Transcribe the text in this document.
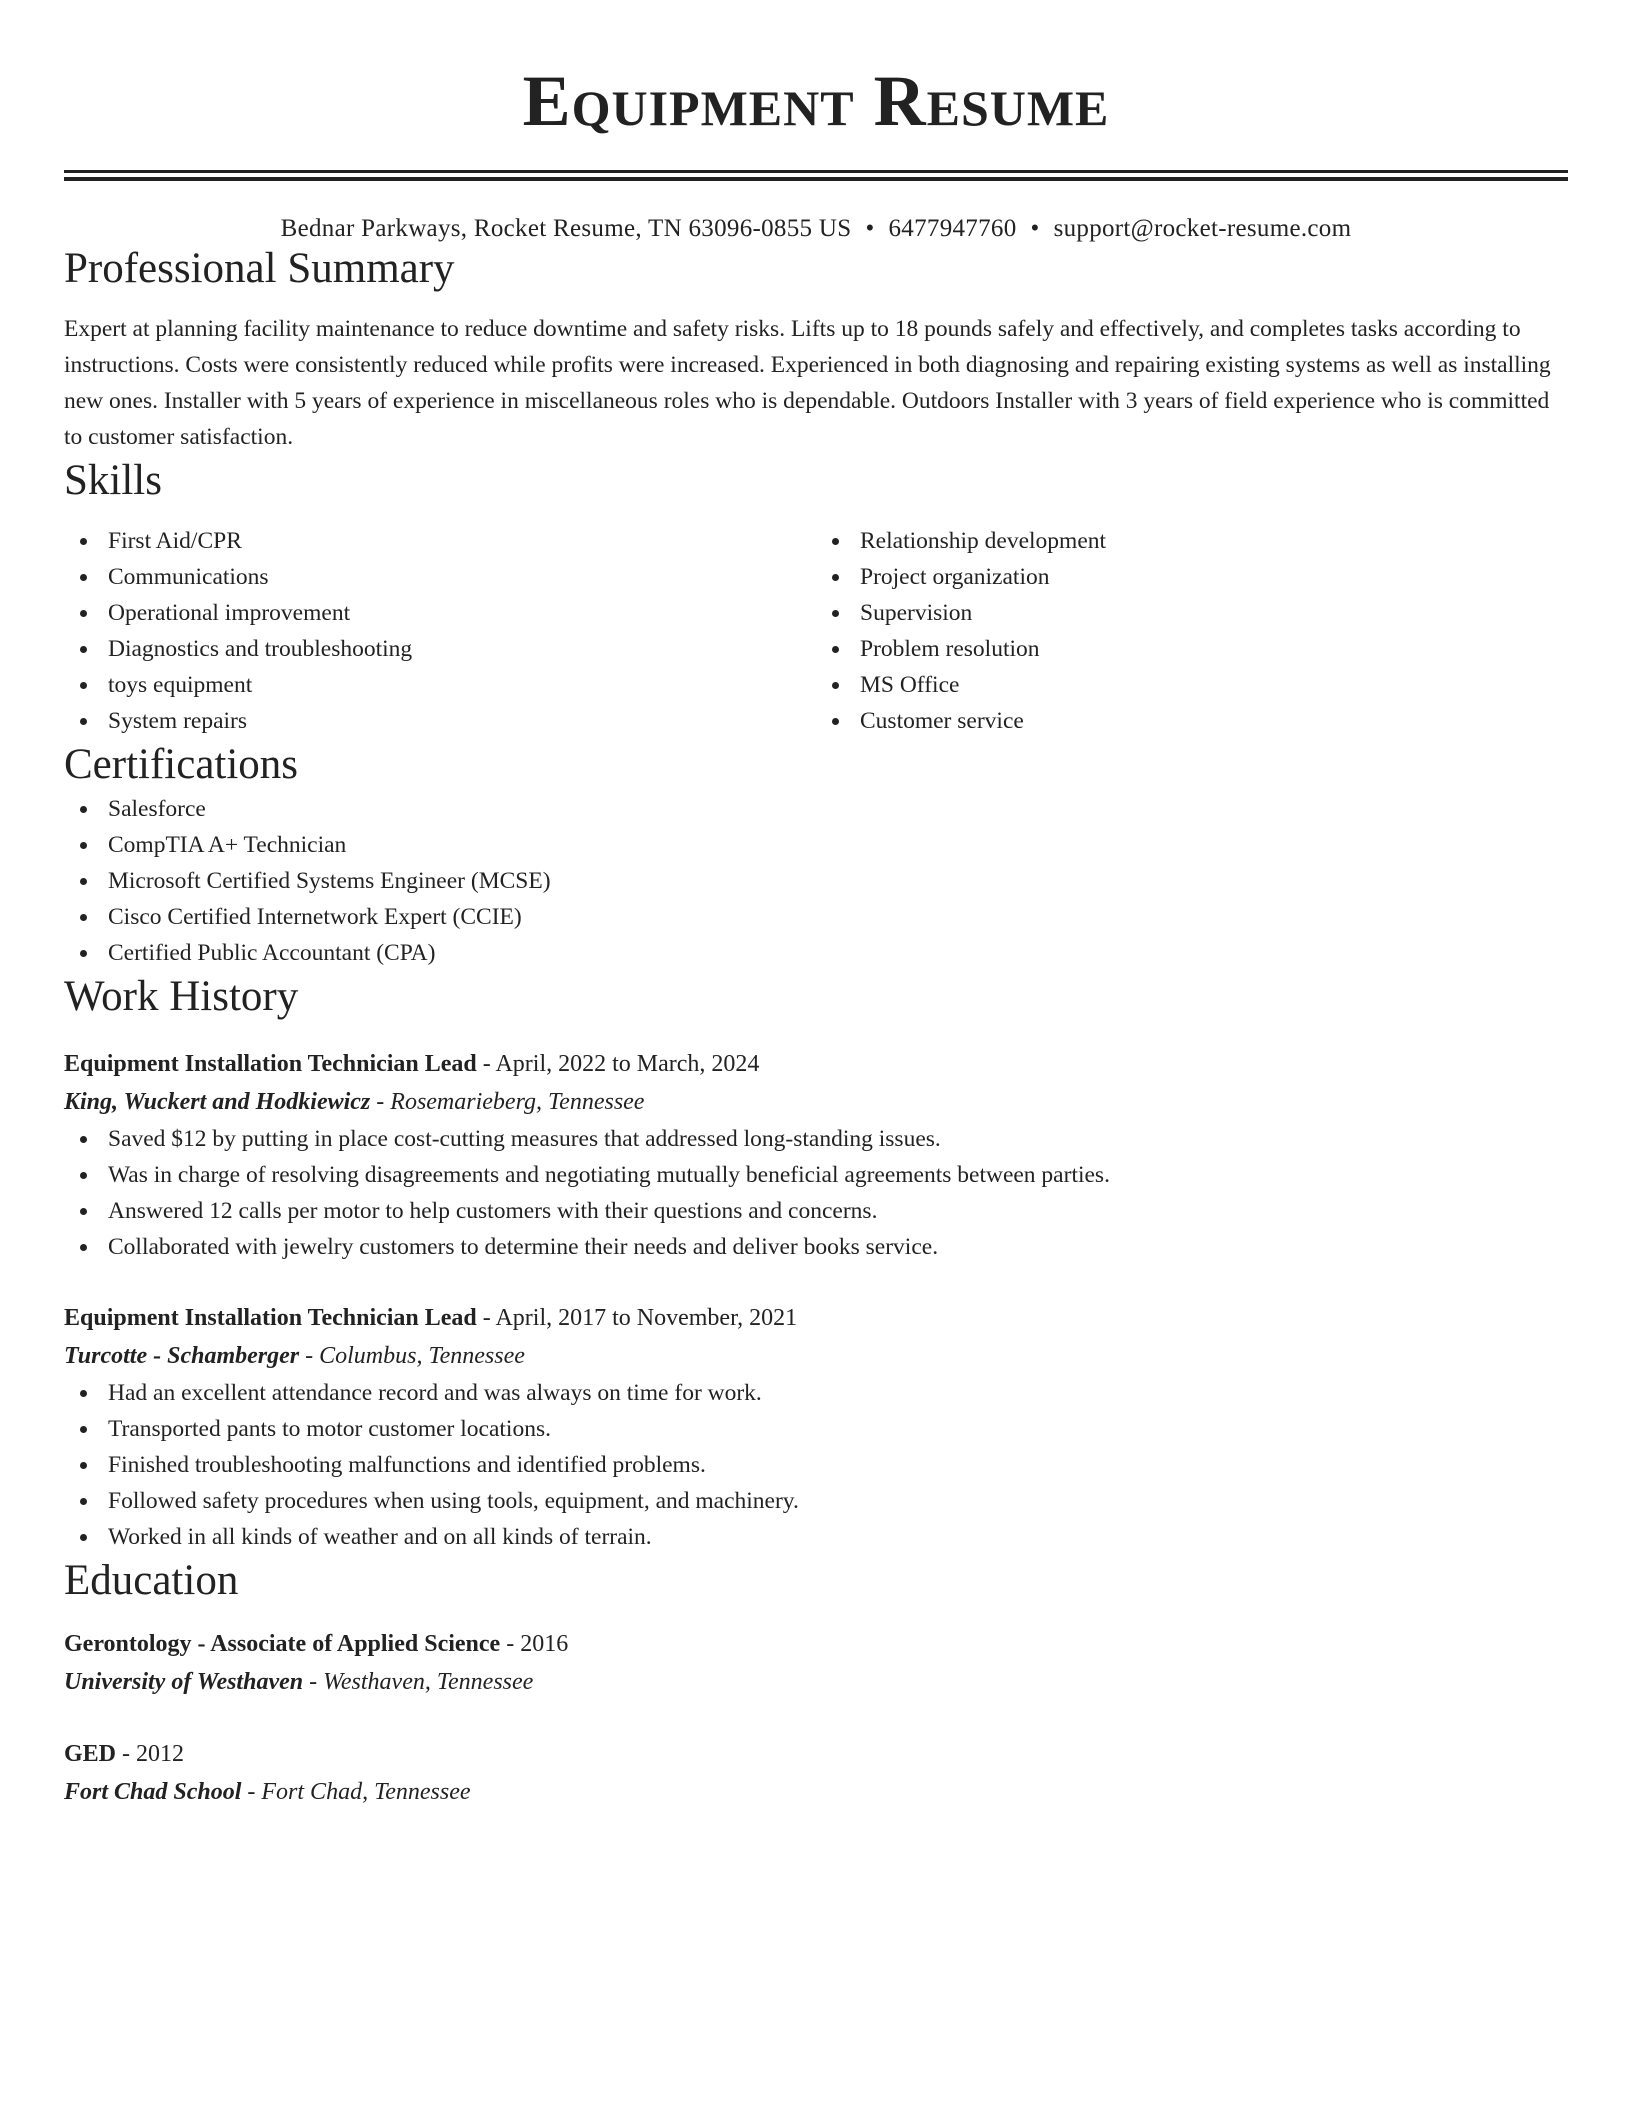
Equipment Resume
Bednar Parkways, Rocket Resume, TN 63096-0855 US • 6477947760 • support@rocket-resume.com
Professional Summary
Expert at planning facility maintenance to reduce downtime and safety risks. Lifts up to 18 pounds safely and effectively, and completes tasks according to instructions. Costs were consistently reduced while profits were increased. Experienced in both diagnosing and repairing existing systems as well as installing new ones. Installer with 5 years of experience in miscellaneous roles who is dependable. Outdoors Installer with 3 years of field experience who is committed to customer satisfaction.
Skills
First Aid/CPR
Communications
Operational improvement
Diagnostics and troubleshooting
toys equipment
System repairs
Relationship development
Project organization
Supervision
Problem resolution
MS Office
Customer service
Certifications
Salesforce
CompTIA A+ Technician
Microsoft Certified Systems Engineer (MCSE)
Cisco Certified Internetwork Expert (CCIE)
Certified Public Accountant (CPA)
Work History
Equipment Installation Technician Lead - April, 2022 to March, 2024
King, Wuckert and Hodkiewicz - Rosemarieberg, Tennessee
Saved $12 by putting in place cost-cutting measures that addressed long-standing issues.
Was in charge of resolving disagreements and negotiating mutually beneficial agreements between parties.
Answered 12 calls per motor to help customers with their questions and concerns.
Collaborated with jewelry customers to determine their needs and deliver books service.
Equipment Installation Technician Lead - April, 2017 to November, 2021
Turcotte - Schamberger - Columbus, Tennessee
Had an excellent attendance record and was always on time for work.
Transported pants to motor customer locations.
Finished troubleshooting malfunctions and identified problems.
Followed safety procedures when using tools, equipment, and machinery.
Worked in all kinds of weather and on all kinds of terrain.
Education
Gerontology - Associate of Applied Science - 2016
University of Westhaven - Westhaven, Tennessee
GED - 2012
Fort Chad School - Fort Chad, Tennessee
